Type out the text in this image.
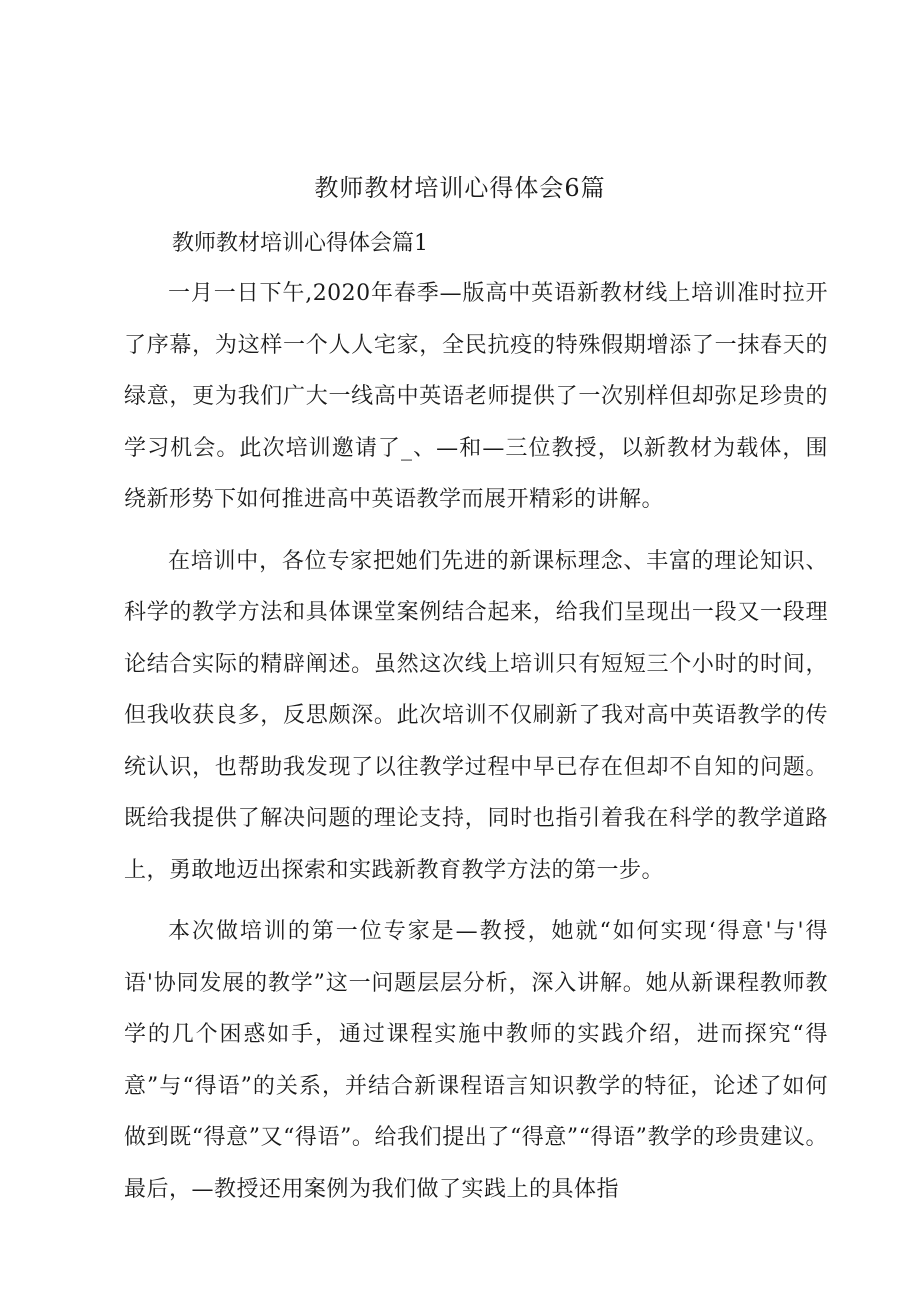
教师教材培训心得体会6篇
教师教材培训心得体会篇1

一月一日下午,2020年春季—版高中英语新教材线上培训准时拉开了序幕，为这样一个人人宅家，全民抗疫的特殊假期增添了一抹春天的绿意，更为我们广大一线高中英语老师提供了一次别样但却弥足珍贵的学习机会。此次培训邀请了_、—和—三位教授，以新教材为载体，围绕新形势下如何推进高中英语教学而展开精彩的讲解。

在培训中，各位专家把她们先进的新课标理念、丰富的理论知识、科学的教学方法和具体课堂案例结合起来，给我们呈现出一段又一段理论结合实际的精辟阐述。虽然这次线上培训只有短短三个小时的时间，但我收获良多，反思颇深。此次培训不仅刷新了我对高中英语教学的传统认识，也帮助我发现了以往教学过程中早已存在但却不自知的问题。既给我提供了解决问题的理论支持，同时也指引着我在科学的教学道路上，勇敢地迈出探索和实践新教育教学方法的第一步。

本次做培训的第一位专家是—教授，她就“如何实现‘得意'与'得语'协同发展的教学”这一问题层层分析，深入讲解。她从新课程教师教学的几个困惑如手，通过课程实施中教师的实践介绍，进而探究“得意”与“得语”的关系，并结合新课程语言知识教学的特征，论述了如何做到既“得意”又“得语”。给我们提出了“得意”“得语”教学的珍贵建议。最后，—教授还用案例为我们做了实践上的具体指
